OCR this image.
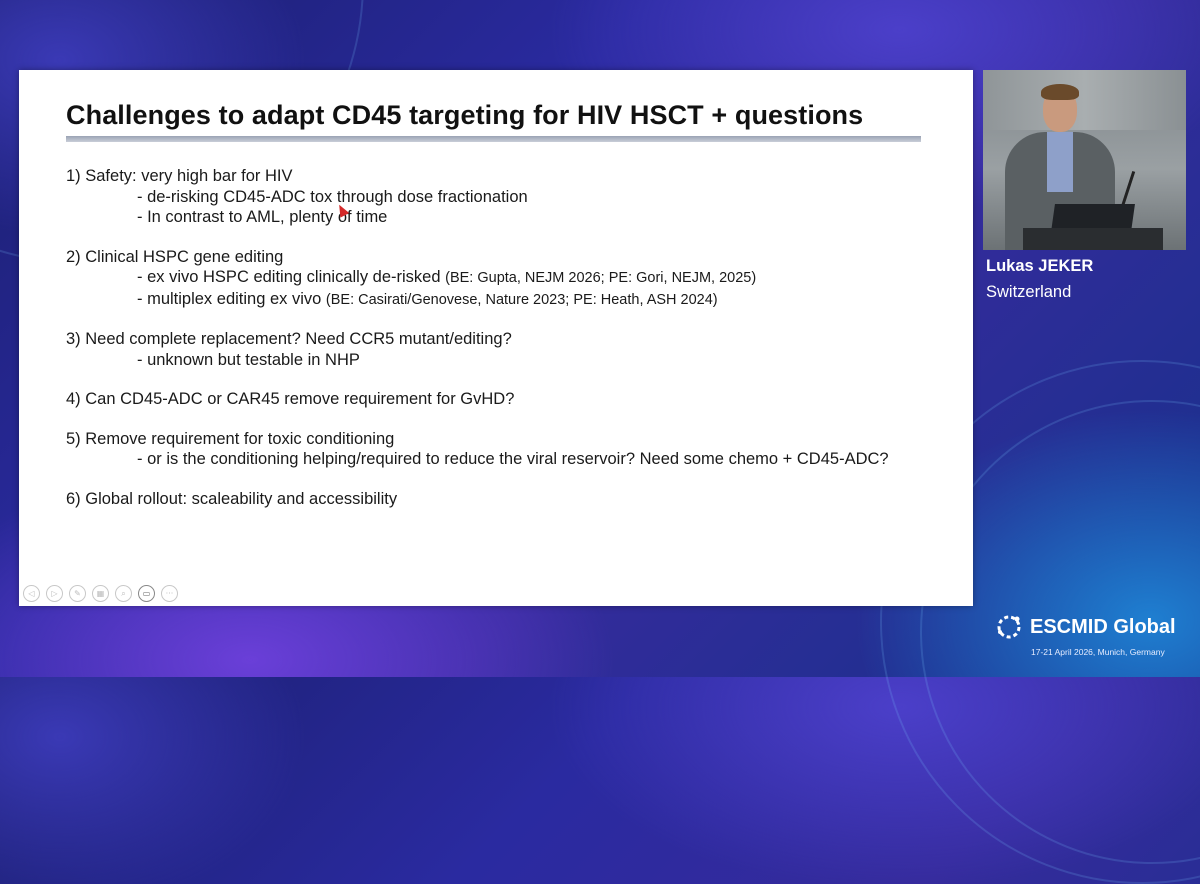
Challenges to adapt CD45 targeting for HIV HSCT + questions
1) Safety: very high bar for HIV
- de-risking CD45-ADC tox through dose fractionation
- In contrast to AML, plenty of time
2) Clinical HSPC gene editing
- ex vivo HSPC editing clinically de-risked (BE: Gupta, NEJM 2026; PE: Gori, NEJM, 2025)
- multiplex editing ex vivo (BE: Casirati/Genovese, Nature 2023; PE: Heath, ASH 2024)
3) Need complete replacement? Need CCR5 mutant/editing?
- unknown but testable in NHP
4) Can CD45-ADC or CAR45 remove requirement for GvHD?
5) Remove requirement for toxic conditioning
- or is the conditioning helping/required to reduce the viral reservoir? Need some chemo + CD45-ADC?
6) Global rollout: scaleability and accessibility
◁	▷	✎	▦	⌕	▭	···
Lukas JEKER
Switzerland
ESCMID Global
17-21 April 2026, Munich, Germany
